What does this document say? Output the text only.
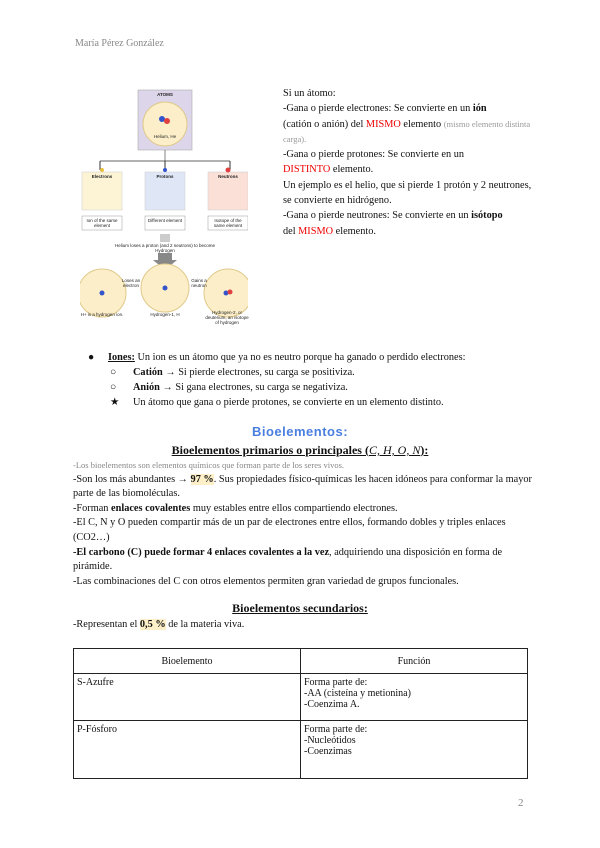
María Pérez González
ATOMS
Helium, He
Electrons	Protons	Neutrons
Ion of the same element
Different element	Isotope of the same element
Helium loses a proton (and 2 neutrons) to become Hydrogen
Loses an electron
Gains a neutron
H+ is a hydrogen ion.	Hydrogen-1, H	Hydrogen-2, or deuterium, an isotope of hydrogen
Si un átomo:
-Gana o pierde electrones: Se convierte en un ión
(catión o anión) del MISMO elemento (mismo elemento distinta carga).
-Gana o pierde protones: Se convierte en un
DISTINTO elemento.
Un ejemplo es el helio, que si pierde 1 protón y 2 neutrones, se convierte en hidrógeno.
-Gana o pierde neutrones: Se convierte en un isótopo
del MISMO elemento.
● Iones: Un ion es un átomo que ya no es neutro porque ha ganado o perdido electrones:
○ Catión → Si pierde electrones, su carga se positiviza.
○ Anión → Si gana electrones, su carga se negativiza.
★ Un átomo que gana o pierde protones, se convierte en un elemento distinto.
Bioelementos:
Bioelementos primarios o principales (C, H, O, N):
-Los bioelementos son elementos químicos que forman parte de los seres vivos.
-Son los más abundantes → 97 %. Sus propiedades físico-químicas les hacen idóneos para conformar la mayor parte de las biomoléculas.
-Forman enlaces covalentes muy estables entre ellos compartiendo electrones.
-El C, N y O pueden compartir más de un par de electrones entre ellos, formando dobles y triples enlaces (CO2…)
-El carbono (C) puede formar 4 enlaces covalentes a la vez, adquiriendo una disposición en forma de pirámide.
-Las combinaciones del C con otros elementos permiten gran variedad de grupos funcionales.
Bioelementos secundarios:
-Representan el 0,5 % de la materia viva.
Bioelemento	Función
S-Azufre	Forma parte de:
-AA (cisteína y metionina)
-Coenzima A.

P-Fósforo	Forma parte de:
-Nucleótidos
-Coenzimas
2
